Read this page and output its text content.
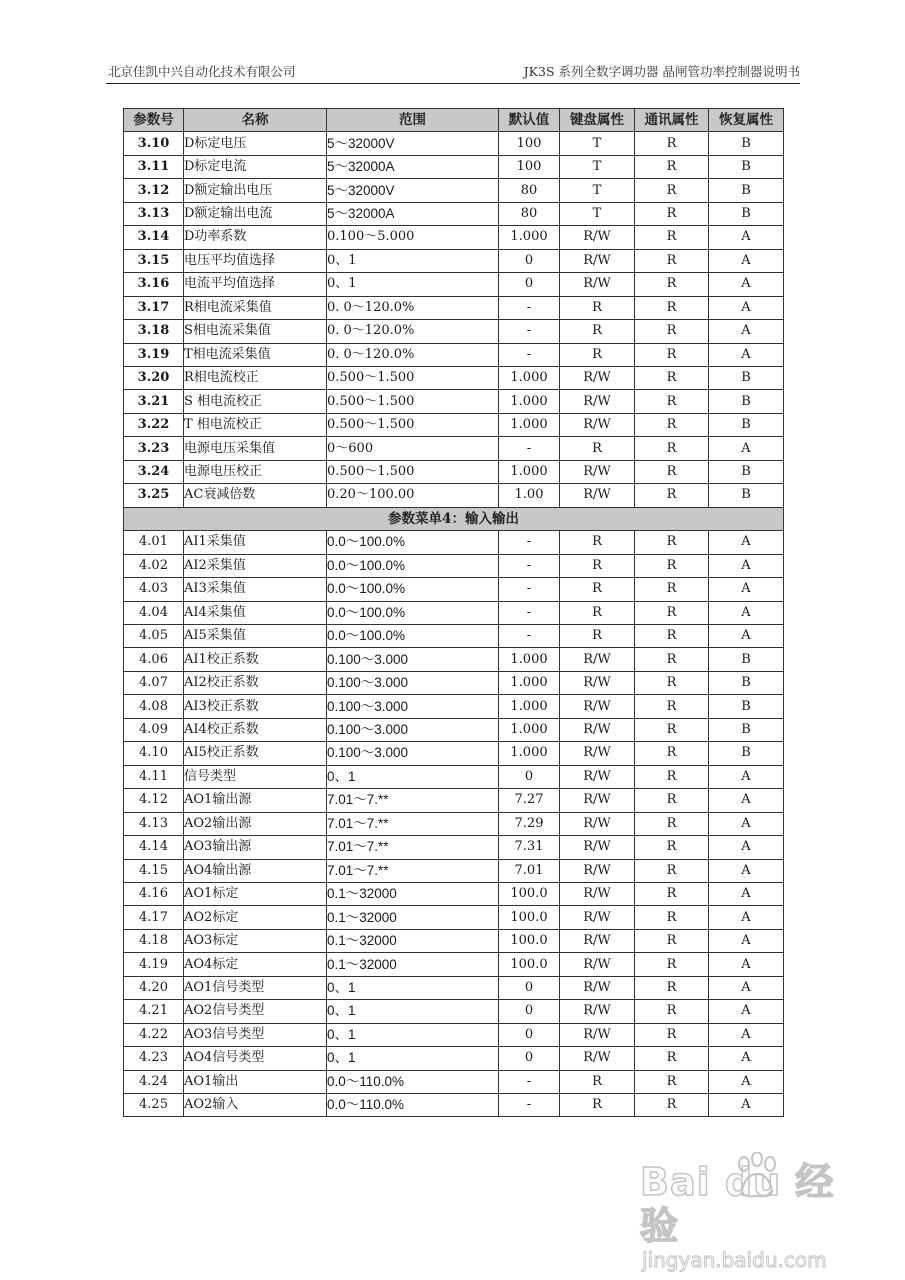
北京佳凯中兴自动化技术有限公司	JK3S 系列全数字调功器 晶闸管功率控制器说明书
参数号	名称	范围	默认值	键盘属性	通讯属性	恢复属性
3.10	D标定电压	5～32000V	100	T	R	B
3.11	D标定电流	5～32000A	100	T	R	B
3.12	D额定输出电压	5～32000V	80	T	R	B
3.13	D额定输出电流	5～32000A	80	T	R	B
3.14	D功率系数	0.100～5.000	1.000	R/W	R	A
3.15	电压平均值选择	0、1	0	R/W	R	A
3.16	电流平均值选择	0、1	0	R/W	R	A
3.17	R相电流采集值	0. 0～120.0%	-	R	R	A
3.18	S相电流采集值	0. 0～120.0%	-	R	R	A
3.19	T相电流采集值	0. 0～120.0%	-	R	R	A
3.20	R相电流校正	0.500～1.500	1.000	R/W	R	B
3.21	S 相电流校正	0.500～1.500	1.000	R/W	R	B
3.22	T 相电流校正	0.500～1.500	1.000	R/W	R	B
3.23	电源电压采集值	0～600	-	R	R	A
3.24	电源电压校正	0.500～1.500	1.000	R/W	R	B
3.25	AC衰减倍数	0.20～100.00	1.00	R/W	R	B
参数菜单4：输入输出						
4.01	AI1采集值	0.0～100.0%	-	R	R	A
4.02	AI2采集值	0.0～100.0%	-	R	R	A
4.03	AI3采集值	0.0～100.0%	-	R	R	A
4.04	AI4采集值	0.0～100.0%	-	R	R	A
4.05	AI5采集值	0.0～100.0%	-	R	R	A
4.06	AI1校正系数	0.100～3.000	1.000	R/W	R	B
4.07	AI2校正系数	0.100～3.000	1.000	R/W	R	B
4.08	AI3校正系数	0.100～3.000	1.000	R/W	R	B
4.09	AI4校正系数	0.100～3.000	1.000	R/W	R	B
4.10	AI5校正系数	0.100～3.000	1.000	R/W	R	B
4.11	信号类型	0、1	0	R/W	R	A
4.12	AO1输出源	7.01～7.**	7.27	R/W	R	A
4.13	AO2输出源	7.01～7.**	7.29	R/W	R	A
4.14	AO3输出源	7.01～7.**	7.31	R/W	R	A
4.15	AO4输出源	7.01～7.**	7.01	R/W	R	A
4.16	AO1标定	0.1～32000	100.0	R/W	R	A
4.17	AO2标定	0.1～32000	100.0	R/W	R	A
4.18	AO3标定	0.1～32000	100.0	R/W	R	A
4.19	AO4标定	0.1～32000	100.0	R/W	R	A
4.20	AO1信号类型	0、1	0	R/W	R	A
4.21	AO2信号类型	0、1	0	R/W	R	A
4.22	AO3信号类型	0、1	0	R/W	R	A
4.23	AO4信号类型	0、1	0	R/W	R	A
4.24	AO1输出	0.0～110.0%	-	R	R	A
4.25	AO2输入	0.0～110.0%	-	R	R	A
Bai du 经验
jingyan.baidu.com
